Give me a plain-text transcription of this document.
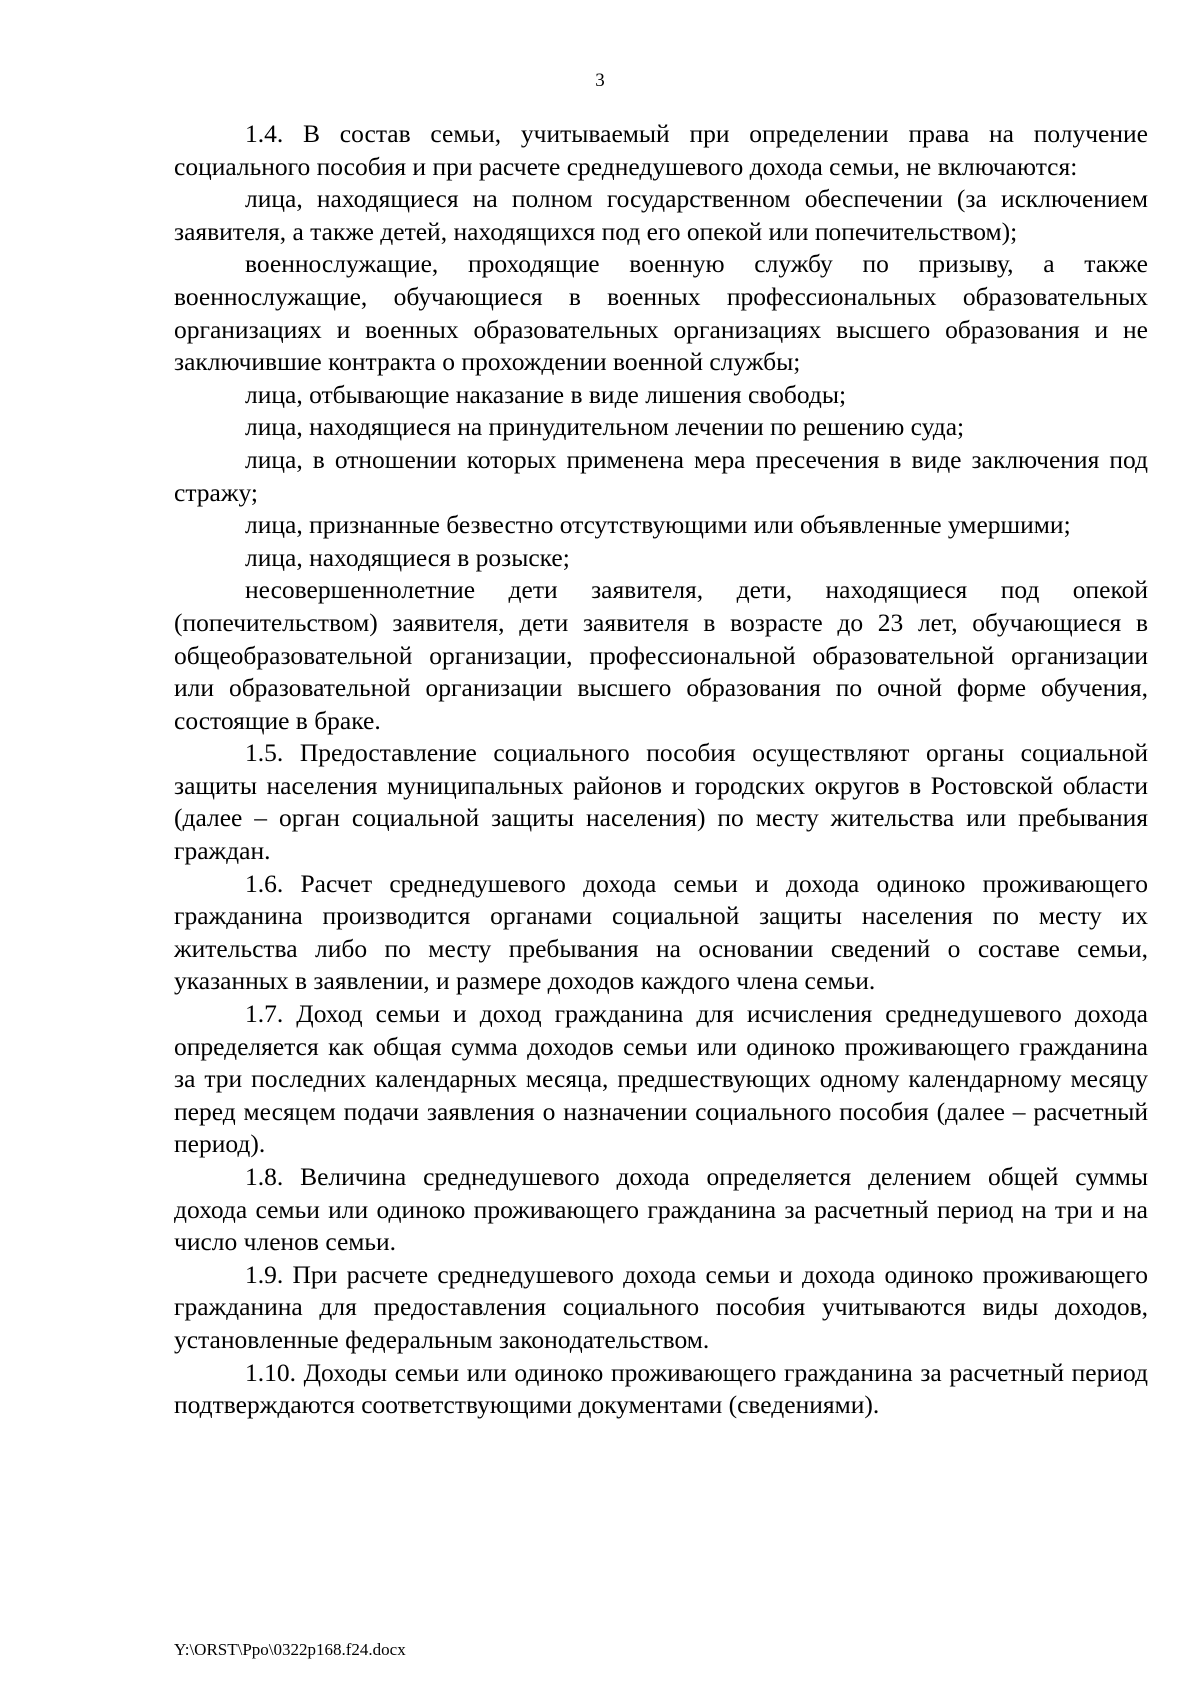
3

1.4. В состав семьи, учитываемый при определении права на получение социального пособия и при расчете среднедушевого дохода семьи, не включаются:

лица, находящиеся на полном государственном обеспечении (за исключением заявителя, а также детей, находящихся под его опекой или попечительством);

военнослужащие, проходящие военную службу по призыву, а также военнослужащие, обучающиеся в военных профессиональных образовательных организациях и военных образовательных организациях высшего образования и не заключившие контракта о прохождении военной службы;

лица, отбывающие наказание в виде лишения свободы;

лица, находящиеся на принудительном лечении по решению суда;

лица, в отношении которых применена мера пресечения в виде заключения под стражу;

лица, признанные безвестно отсутствующими или объявленные умершими;

лица, находящиеся в розыске;

несовершеннолетние дети заявителя, дети, находящиеся под опекой (попечительством) заявителя, дети заявителя в возрасте до 23 лет, обучающиеся в общеобразовательной организации, профессиональной образовательной организации или образовательной организации высшего образования по очной форме обучения, состоящие в браке.

1.5. Предоставление социального пособия осуществляют органы социальной защиты населения муниципальных районов и городских округов в Ростовской области (далее – орган социальной защиты населения) по месту жительства или пребывания граждан.

1.6. Расчет среднедушевого дохода семьи и дохода одиноко проживающего гражданина производится органами социальной защиты населения по месту их жительства либо по месту пребывания на основании сведений о составе семьи, указанных в заявлении, и размере доходов каждого члена семьи.

1.7. Доход семьи и доход гражданина для исчисления среднедушевого дохода определяется как общая сумма доходов семьи или одиноко проживающего гражданина за три последних календарных месяца, предшествующих одному календарному месяцу перед месяцем подачи заявления о назначении социального пособия (далее – расчетный период).

1.8. Величина среднедушевого дохода определяется делением общей суммы дохода семьи или одиноко проживающего гражданина за расчетный период на три и на число членов семьи.

1.9. При расчете среднедушевого дохода семьи и дохода одиноко проживающего гражданина для предоставления социального пособия учитываются виды доходов, установленные федеральным законодательством.

1.10. Доходы семьи или одиноко проживающего гражданина за расчетный период подтверждаются соответствующими документами (сведениями).

Y:\ORST\Ppo\0322p168.f24.docx
